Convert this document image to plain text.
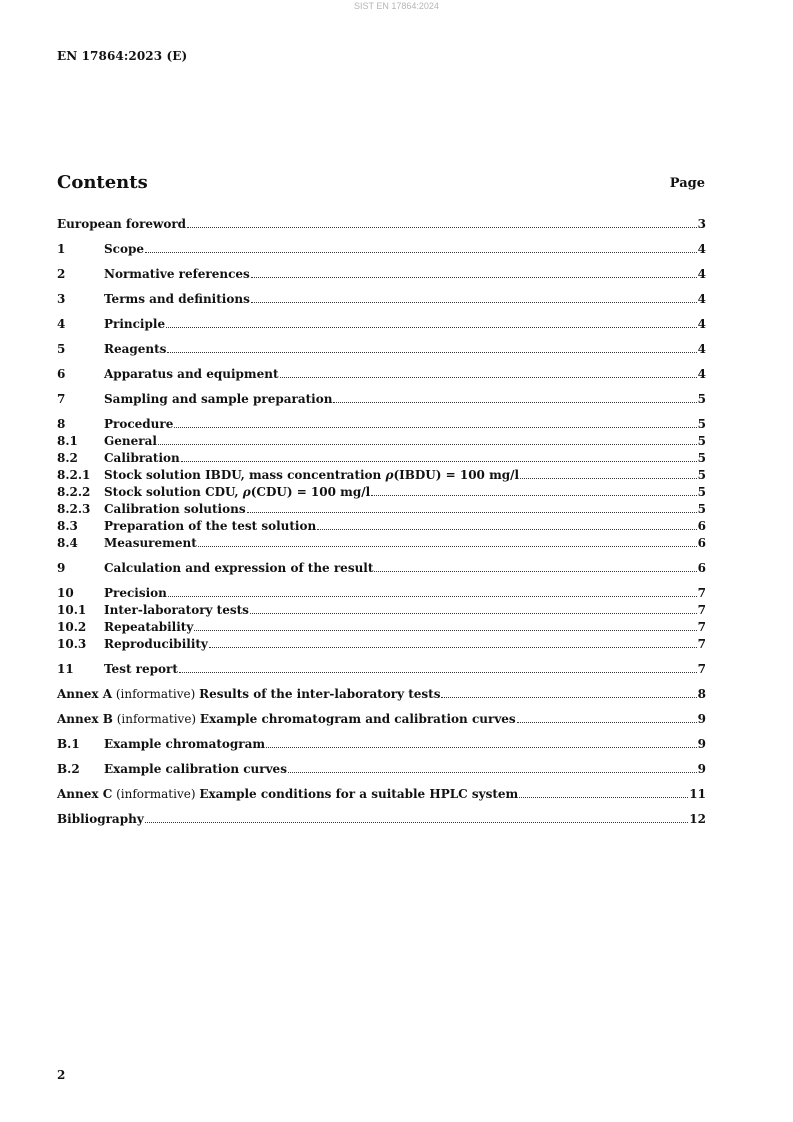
SIST EN 17864:2024
EN 17864:2023 (E)
Contents	Page
European foreword	3
1	Scope	4
2	Normative references	4
3	Terms and definitions	4
4	Principle	4
5	Reagents	4
6	Apparatus and equipment	4
7	Sampling and sample preparation	5
8	Procedure	5
8.1	General	5
8.2	Calibration	5
8.2.1	Stock solution IBDU, mass concentration ρ(IBDU) = 100 mg/l	5
8.2.2	Stock solution CDU, ρ(CDU) = 100 mg/l	5
8.2.3	Calibration solutions	5
8.3	Preparation of the test solution	6
8.4	Measurement	6
9	Calculation and expression of the result	6
10	Precision	7
10.1	Inter-laboratory tests	7
10.2	Repeatability	7
10.3	Reproducibility	7
11	Test report	7
Annex A (informative) Results of the inter-laboratory tests	8
Annex B (informative) Example chromatogram and calibration curves	9
B.1	Example chromatogram	9
B.2	Example calibration curves	9
Annex C (informative) Example conditions for a suitable HPLC system	11
Bibliography	12
2
